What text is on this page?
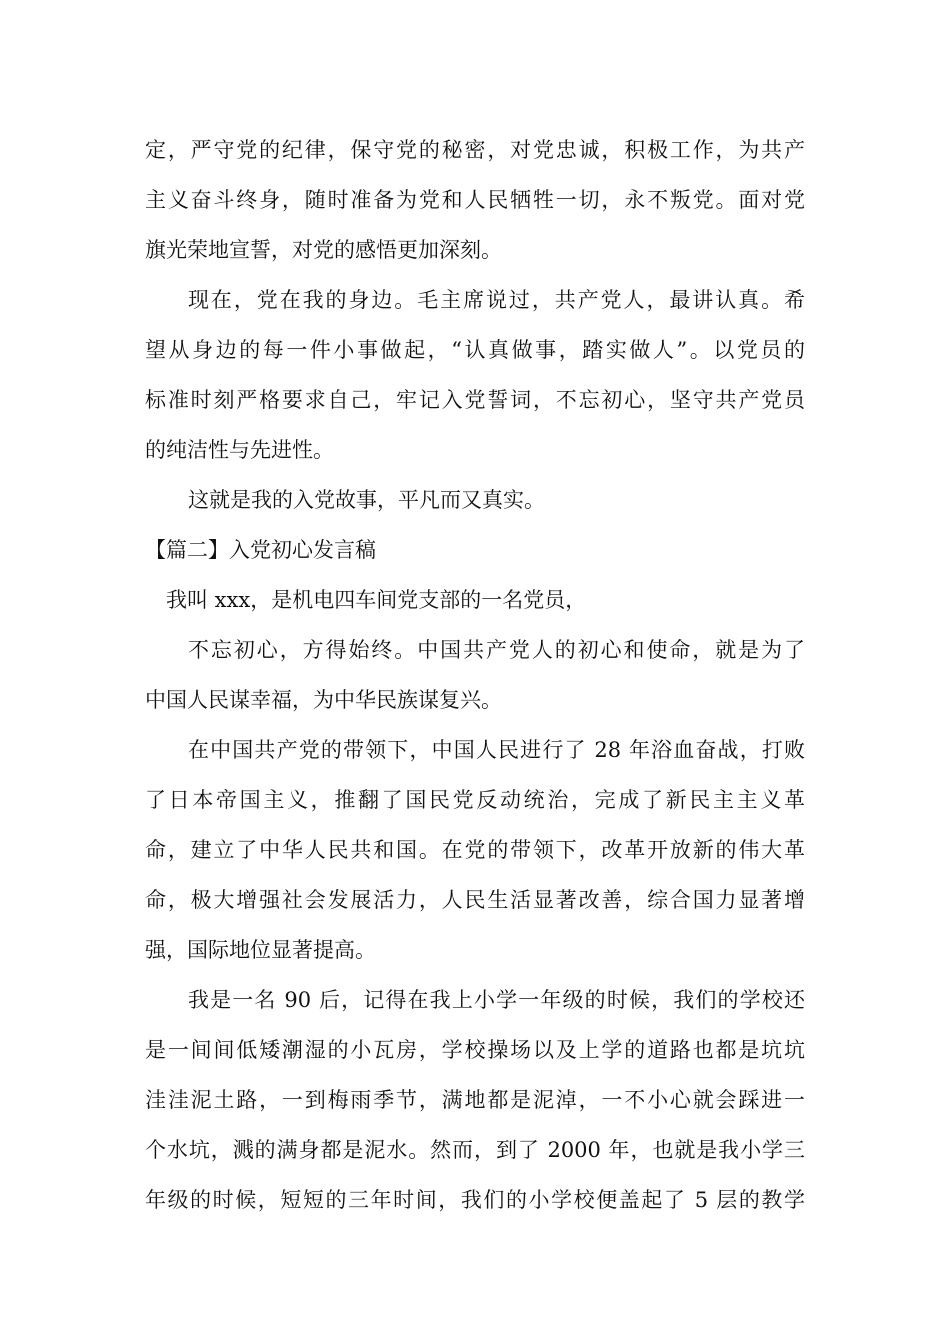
定，严守党的纪律，保守党的秘密，对党忠诚，积极工作，为共产

主义奋斗终身，随时准备为党和人民牺牲一切，永不叛党。面对党

旗光荣地宣誓，对党的感悟更加深刻。

现在，党在我的身边。毛主席说过，共产党人，最讲认真。希

望从身边的每一件小事做起，“认真做事，踏实做人”。以党员的

标准时刻严格要求自己，牢记入党誓词，不忘初心，坚守共产党员

的纯洁性与先进性。

这就是我的入党故事，平凡而又真实。

【篇二】入党初心发言稿

我叫 xxx，是机电四车间党支部的一名党员，

不忘初心，方得始终。中国共产党人的初心和使命，就是为了

中国人民谋幸福，为中华民族谋复兴。

在中国共产党的带领下，中国人民进行了 28 年浴血奋战，打败

了日本帝国主义，推翻了国民党反动统治，完成了新民主主义革

命，建立了中华人民共和国。在党的带领下，改革开放新的伟大革

命，极大增强社会发展活力，人民生活显著改善，综合国力显著增

强，国际地位显著提高。

我是一名 90 后，记得在我上小学一年级的时候，我们的学校还

是一间间低矮潮湿的小瓦房，学校操场以及上学的道路也都是坑坑

洼洼泥土路，一到梅雨季节，满地都是泥淖，一不小心就会踩进一

个水坑，溅的满身都是泥水。然而，到了 2000 年，也就是我小学三

年级的时候，短短的三年时间，我们的小学校便盖起了 5 层的教学
